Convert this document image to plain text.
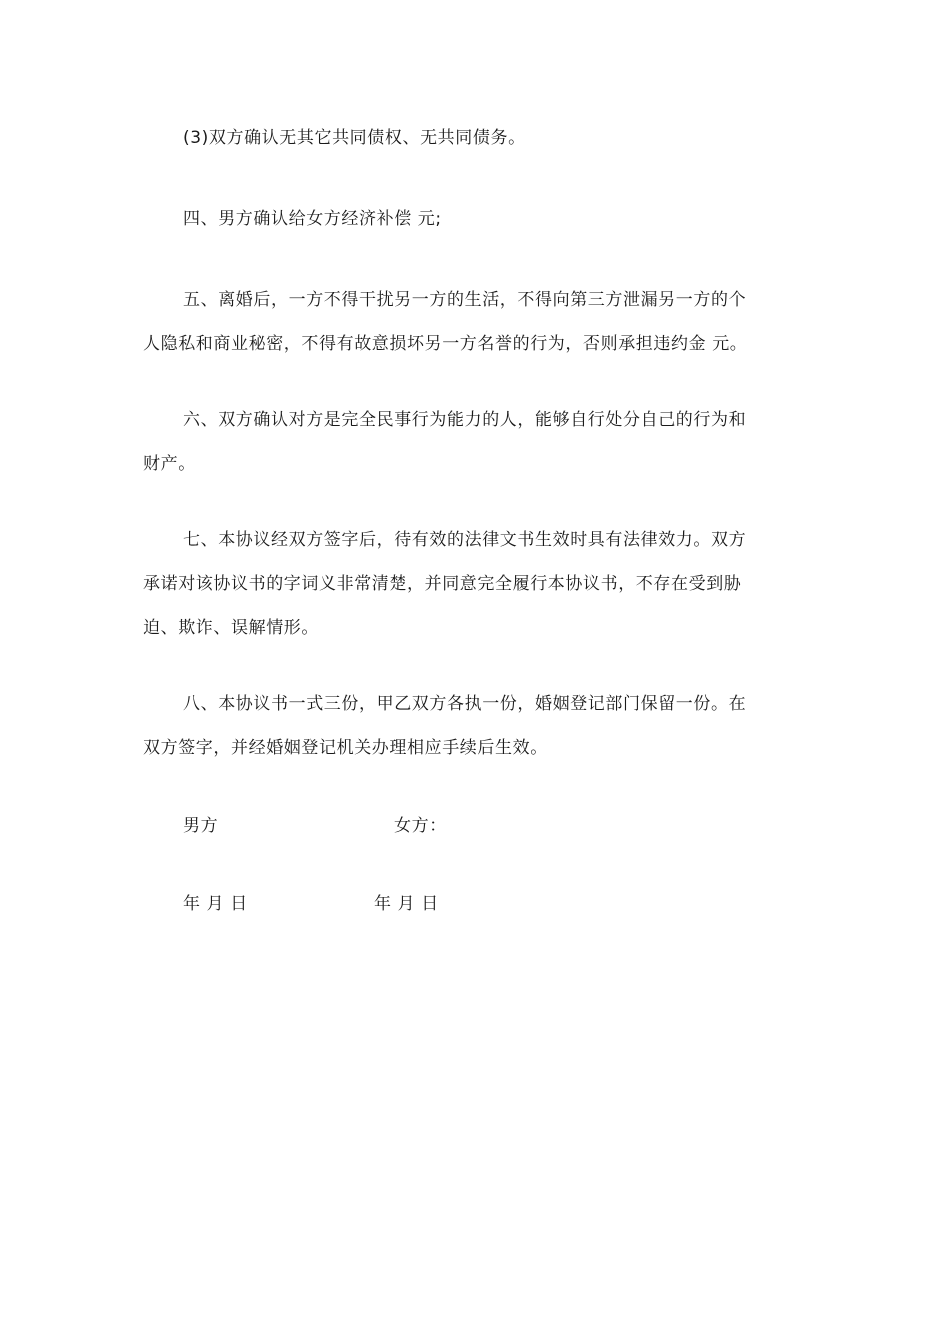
(3)双方确认无其它共同债权、无共同债务。
四、男方确认给女方经济补偿 元;
五、离婚后，一方不得干扰另一方的生活，不得向第三方泄漏另一方的个
人隐私和商业秘密，不得有故意损坏另一方名誉的行为，否则承担违约金 元。
六、双方确认对方是完全民事行为能力的人，能够自行处分自己的行为和
财产。
七、本协议经双方签字后，待有效的法律文书生效时具有法律效力。双方
承诺对该协议书的字词义非常清楚，并同意完全履行本协议书，不存在受到胁
迫、欺诈、误解情形。
八、本协议书一式三份，甲乙双方各执一份，婚姻登记部门保留一份。在
双方签字，并经婚姻登记机关办理相应手续后生效。
男方	女方：
年 月 日	年 月 日
